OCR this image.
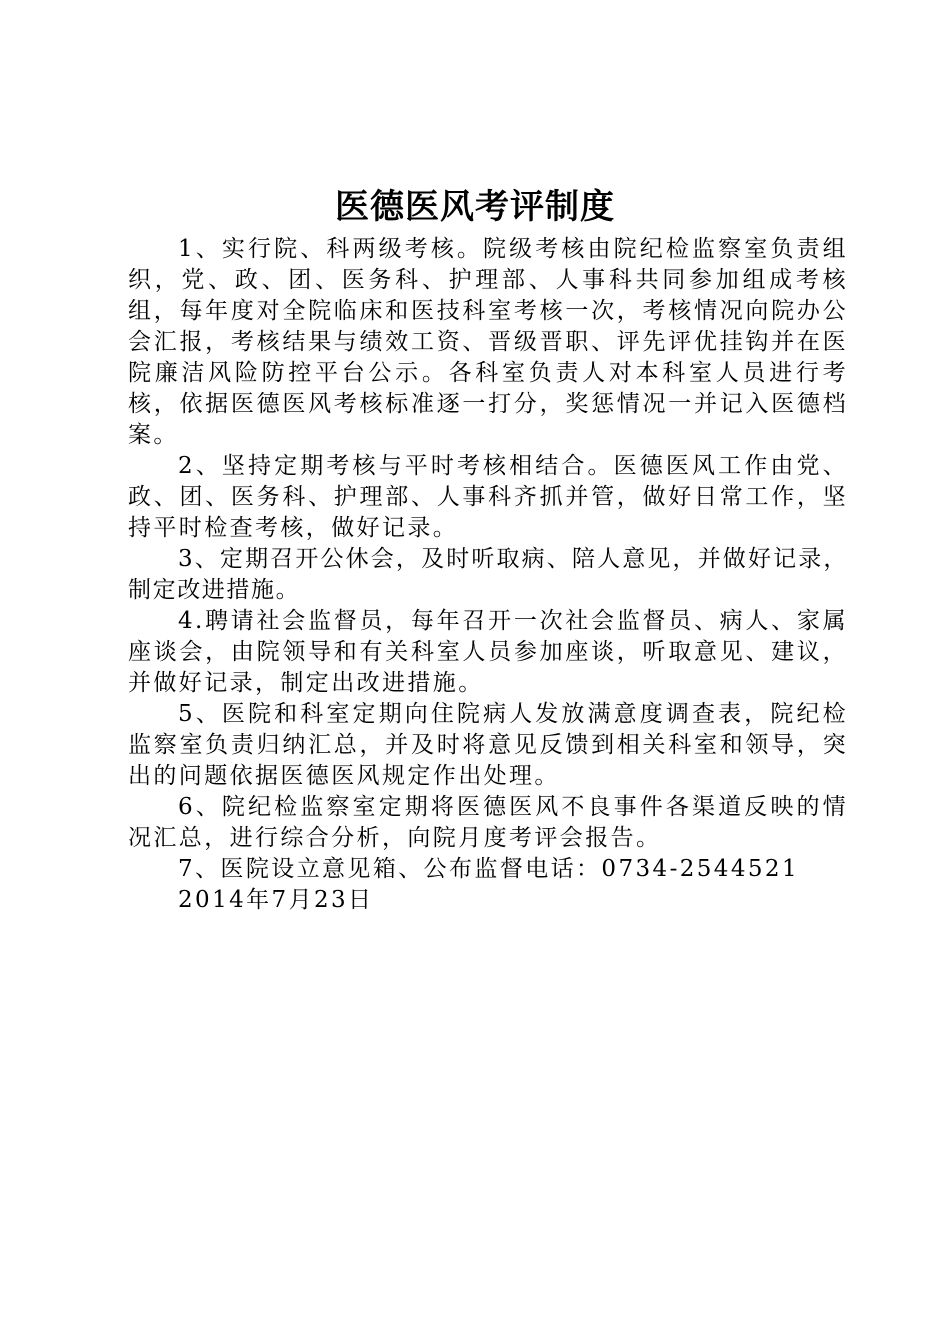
医德医风考评制度

1、实行院、科两级考核。院级考核由院纪检监察室负责组织，党、政、团、医务科、护理部、人事科共同参加组成考核组，每年度对全院临床和医技科室考核一次，考核情况向院办公会汇报，考核结果与绩效工资、晋级晋职、评先评优挂钩并在医院廉洁风险防控平台公示。各科室负责人对本科室人员进行考核，依据医德医风考核标准逐一打分，奖惩情况一并记入医德档案。

2、坚持定期考核与平时考核相结合。医德医风工作由党、政、团、医务科、护理部、人事科齐抓并管，做好日常工作，坚持平时检查考核，做好记录。

3、定期召开公休会，及时听取病、陪人意见，并做好记录，制定改进措施。

4.聘请社会监督员，每年召开一次社会监督员、病人、家属座谈会，由院领导和有关科室人员参加座谈，听取意见、建议，并做好记录，制定出改进措施。

5、医院和科室定期向住院病人发放满意度调查表，院纪检监察室负责归纳汇总，并及时将意见反馈到相关科室和领导，突出的问题依据医德医风规定作出处理。

6、院纪检监察室定期将医德医风不良事件各渠道反映的情况汇总，进行综合分析，向院月度考评会报告。

7、医院设立意见箱、公布监督电话：0734-2544521

2014年7月23日
